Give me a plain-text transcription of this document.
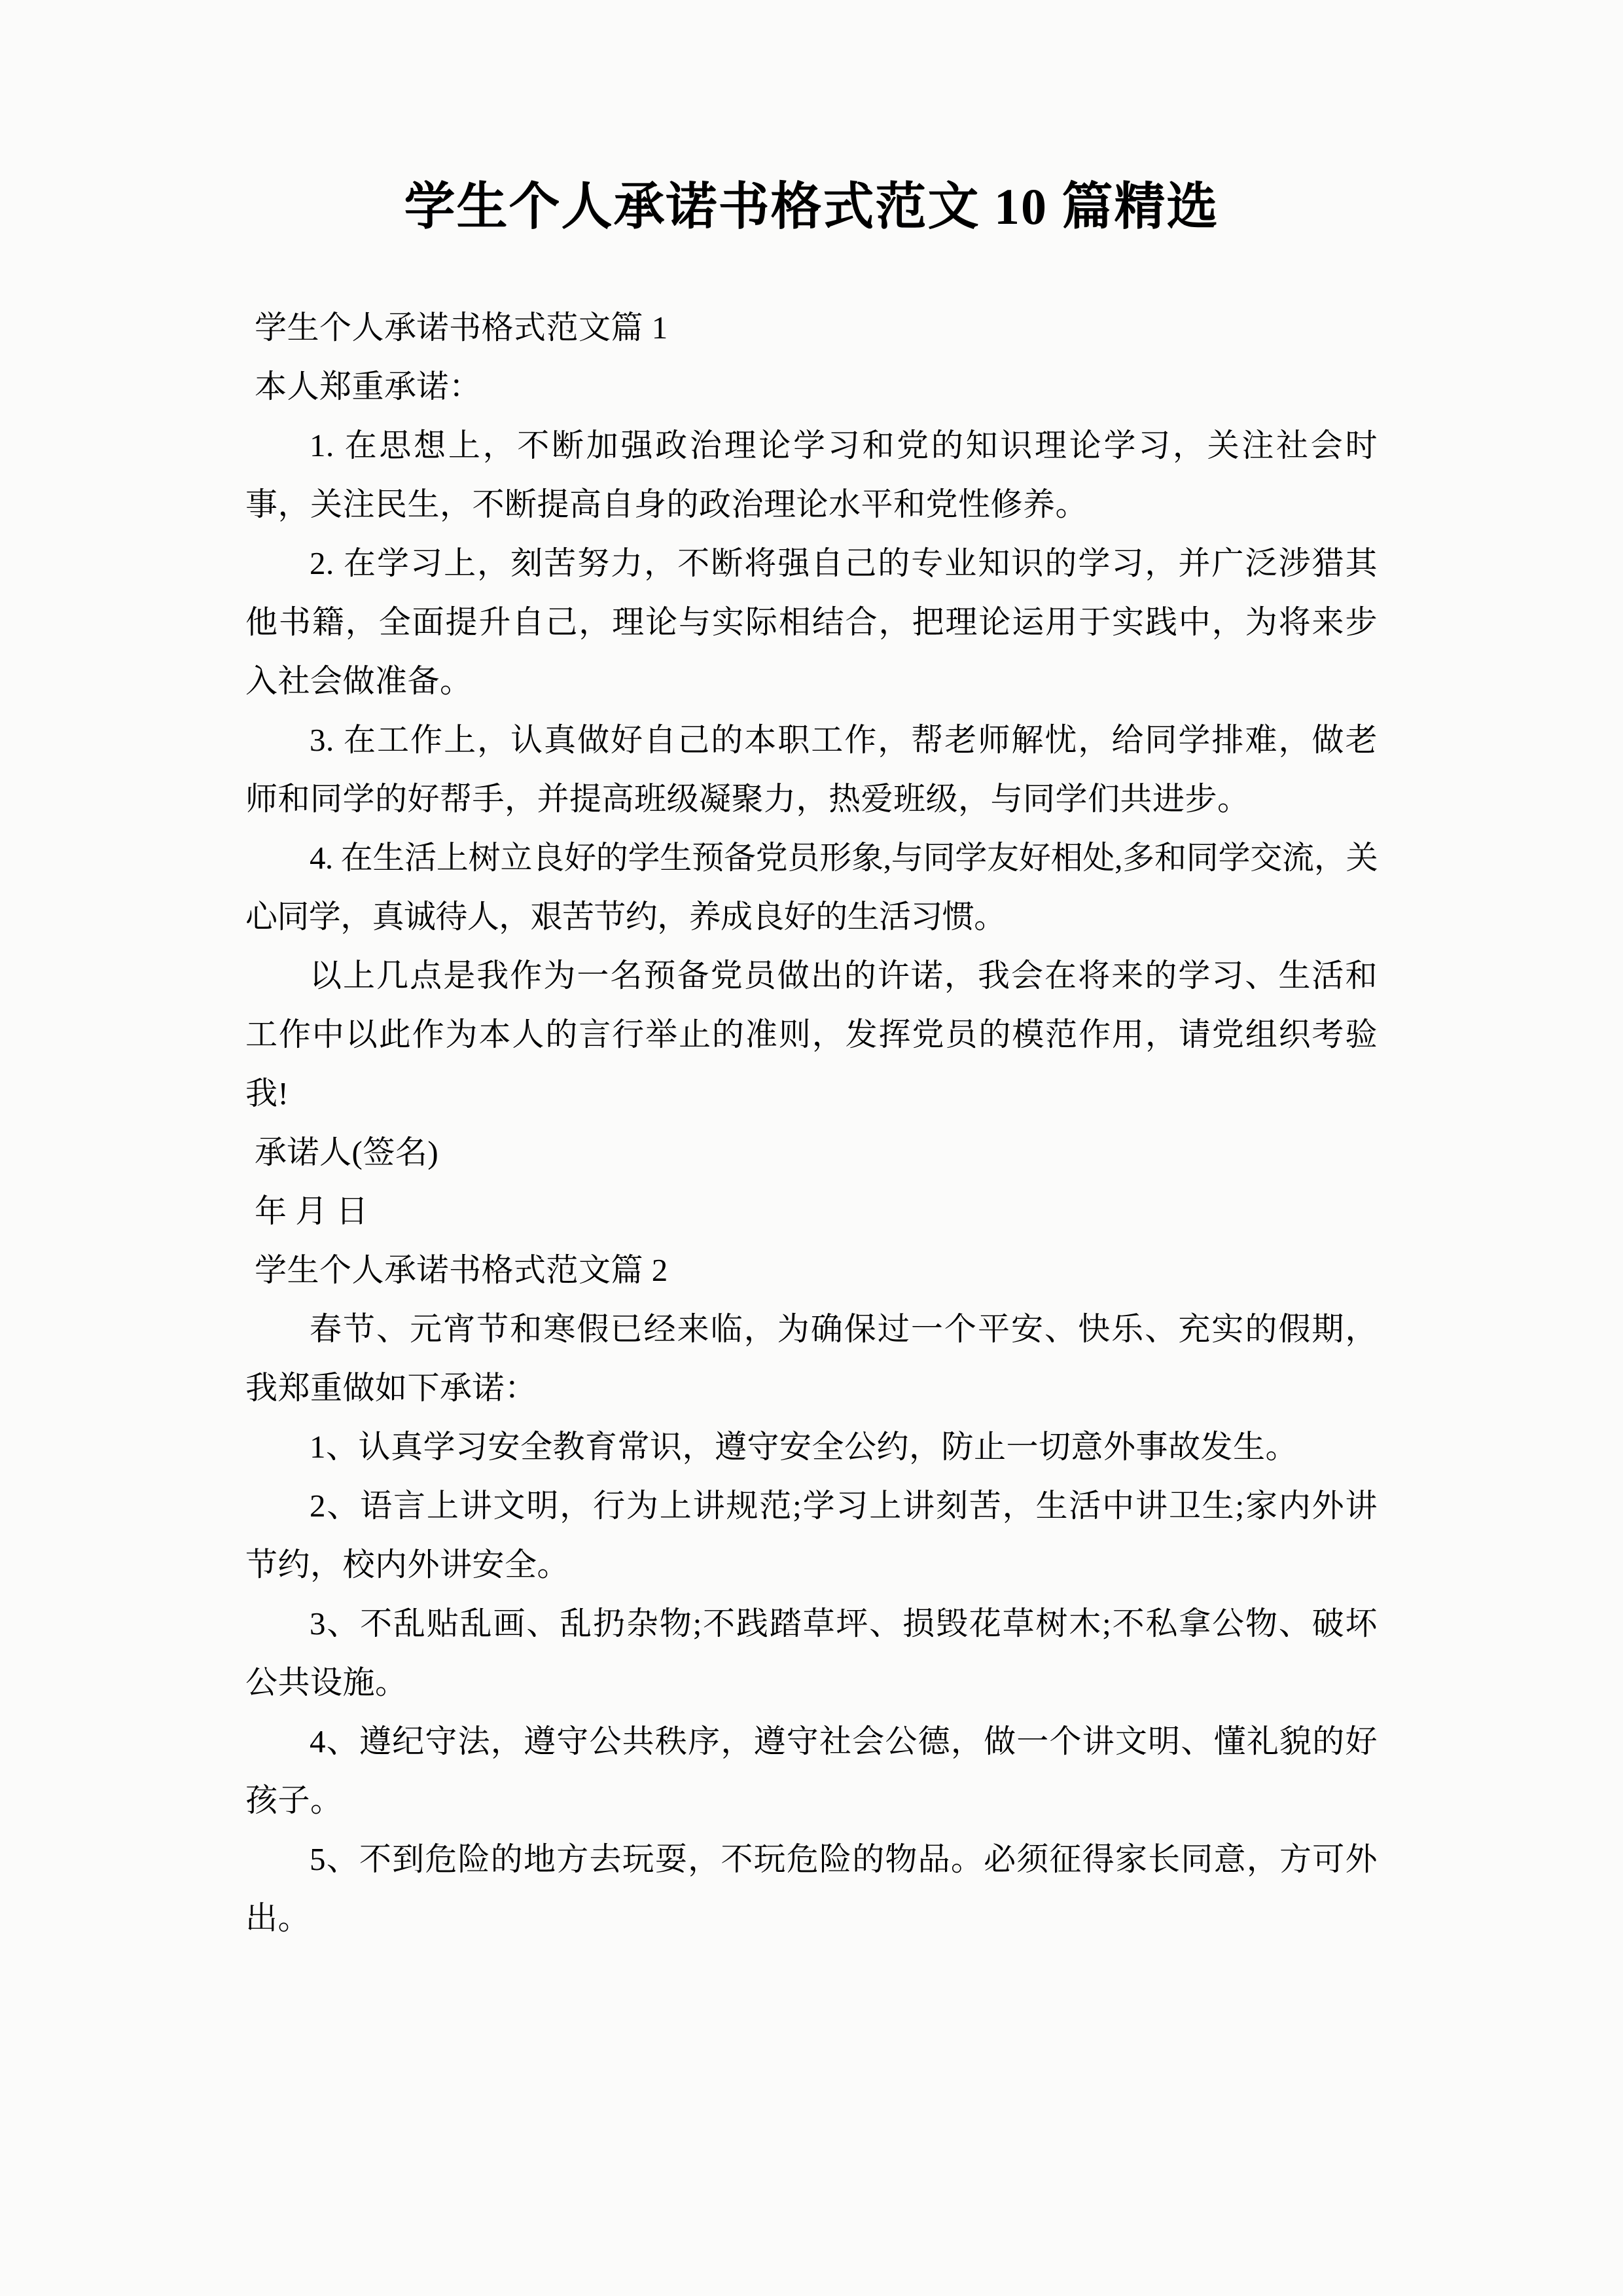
学生个人承诺书格式范文 10 篇精选

学生个人承诺书格式范文篇 1

本人郑重承诺：

1. 在思想上，不断加强政治理论学习和党的知识理论学习，关注社会时事，关注民生，不断提高自身的政治理论水平和党性修养。

2. 在学习上，刻苦努力，不断将强自己的专业知识的学习，并广泛涉猎其他书籍，全面提升自己，理论与实际相结合，把理论运用于实践中，为将来步入社会做准备。

3. 在工作上，认真做好自己的本职工作，帮老师解忧，给同学排难，做老师和同学的好帮手，并提高班级凝聚力，热爱班级，与同学们共进步。

4. 在生活上树立良好的学生预备党员形象,与同学友好相处,多和同学交流，关心同学，真诚待人，艰苦节约，养成良好的生活习惯。

以上几点是我作为一名预备党员做出的许诺，我会在将来的学习、生活和工作中以此作为本人的言行举止的准则，发挥党员的模范作用，请党组织考验我!

承诺人(签名)

年 月 日

学生个人承诺书格式范文篇 2

春节、元宵节和寒假已经来临，为确保过一个平安、快乐、充实的假期，我郑重做如下承诺：

1、认真学习安全教育常识，遵守安全公约，防止一切意外事故发生。

2、语言上讲文明，行为上讲规范;学习上讲刻苦，生活中讲卫生;家内外讲节约，校内外讲安全。

3、不乱贴乱画、乱扔杂物;不践踏草坪、损毁花草树木;不私拿公物、破坏公共设施。

4、遵纪守法，遵守公共秩序，遵守社会公德，做一个讲文明、懂礼貌的好孩子。

5、不到危险的地方去玩耍，不玩危险的物品。必须征得家长同意，方可外出。
